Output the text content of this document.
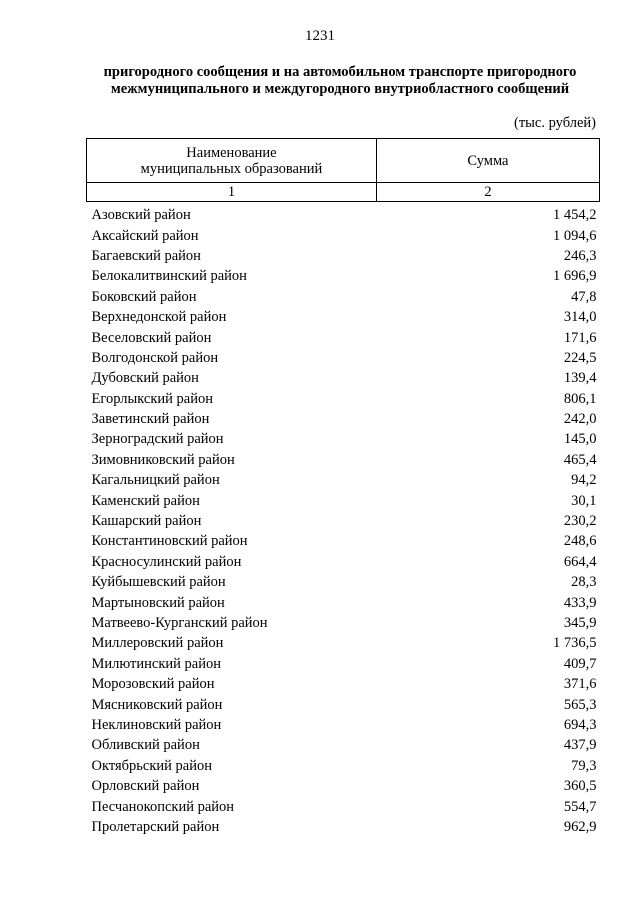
1231
пригородного сообщения и на автомобильном транспорте пригородного
межмуниципального и междугородного внутриобластного сообщений
(тыс. рублей)
Наименование муниципальных образований	Сумма
1	2
Азовский район	1 454,2
Аксайский район	1 094,6
Багаевский район	246,3
Белокалитвинский район	1 696,9
Боковский район	47,8
Верхнедонской район	314,0
Веселовский район	171,6
Волгодонской район	224,5
Дубовский район	139,4
Егорлыкский район	806,1
Заветинский район	242,0
Зерноградский район	145,0
Зимовниковский район	465,4
Кагальницкий район	94,2
Каменский район	30,1
Кашарский район	230,2
Константиновский район	248,6
Красносулинский район	664,4
Куйбышевский район	28,3
Мартыновский район	433,9
Матвеево-Курганский район	345,9
Миллеровский район	1 736,5
Милютинский район	409,7
Морозовский район	371,6
Мясниковский район	565,3
Неклиновский район	694,3
Обливский район	437,9
Октябрьский район	79,3
Орловский район	360,5
Песчанокопский район	554,7
Пролетарский район	962,9
